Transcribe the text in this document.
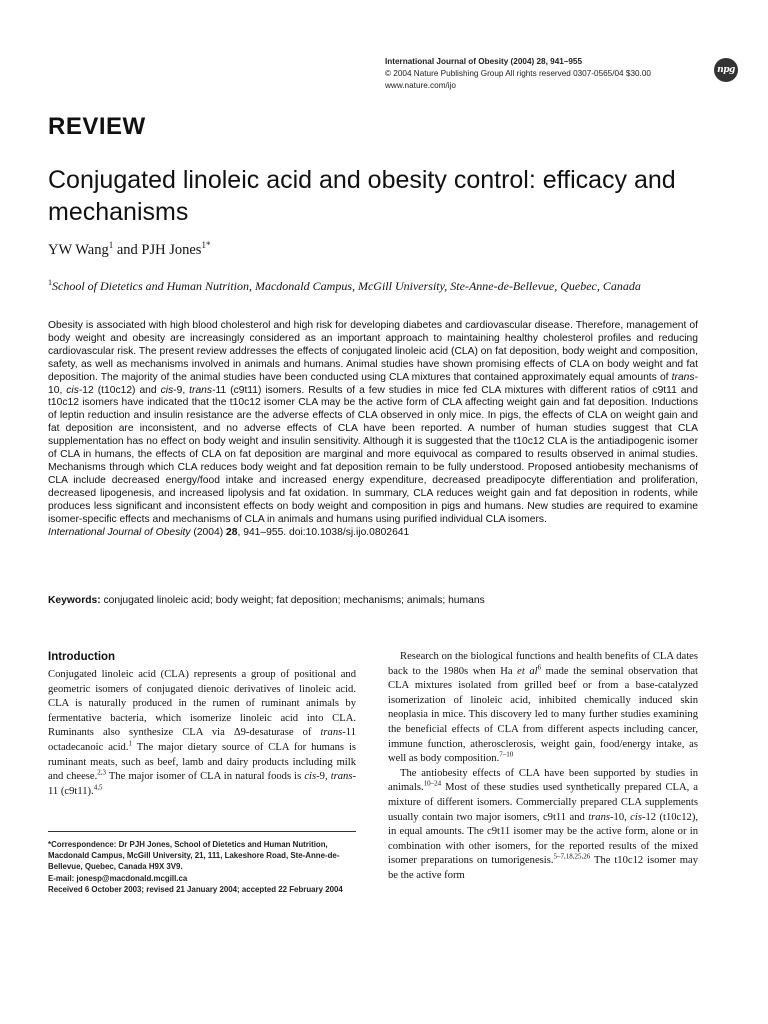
International Journal of Obesity (2004) 28, 941–955
© 2004 Nature Publishing Group All rights reserved 0307-0565/04 $30.00
www.nature.com/ijo
npg
REVIEW
Conjugated linoleic acid and obesity control: efficacy and mechanisms
YW Wang$^1$ and PJH Jones$^{1*}$
$^1$School of Dietetics and Human Nutrition, Macdonald Campus, McGill University, Ste-Anne-de-Bellevue, Quebec, Canada

Obesity is associated with high blood cholesterol and high risk for developing diabetes and cardiovascular disease. Therefore, management of body weight and obesity are increasingly considered as an important approach to maintaining healthy cholesterol profiles and reducing cardiovascular risk. The present review addresses the effects of conjugated linoleic acid (CLA) on fat deposition, body weight and composition, safety, as well as mechanisms involved in animals and humans. Animal studies have shown promising effects of CLA on body weight and fat deposition. The majority of the animal studies have been conducted using CLA mixtures that contained approximately equal amounts of trans-10, cis-12 (t10c12) and cis-9, trans-11 (c9t11) isomers. Results of a few studies in mice fed CLA mixtures with different ratios of c9t11 and t10c12 isomers have indicated that the t10c12 isomer CLA may be the active form of CLA affecting weight gain and fat deposition. Inductions of leptin reduction and insulin resistance are the adverse effects of CLA observed in only mice. In pigs, the effects of CLA on weight gain and fat deposition are inconsistent, and no adverse effects of CLA have been reported. A number of human studies suggest that CLA supplementation has no effect on body weight and insulin sensitivity. Although it is suggested that the t10c12 CLA is the antiadipogenic isomer of CLA in humans, the effects of CLA on fat deposition are marginal and more equivocal as compared to results observed in animal studies. Mechanisms through which CLA reduces body weight and fat deposition remain to be fully understood. Proposed antiobesity mechanisms of CLA include decreased energy/food intake and increased energy expenditure, decreased preadipocyte differentiation and proliferation, decreased lipogenesis, and increased lipolysis and fat oxidation. In summary, CLA reduces weight gain and fat deposition in rodents, while produces less significant and inconsistent effects on body weight and composition in pigs and humans. New studies are required to examine isomer-specific effects and mechanisms of CLA in animals and humans using purified individual CLA isomers.

International Journal of Obesity (2004) 28, 941–955. doi:10.1038/sj.ijo.0802641

Keywords: conjugated linoleic acid; body weight; fat deposition; mechanisms; animals; humans
Introduction

Conjugated linoleic acid (CLA) represents a group of positional and geometric isomers of conjugated dienoic derivatives of linoleic acid. CLA is naturally produced in the rumen of ruminant animals by fermentative bacteria, which isomerize linoleic acid into CLA. Ruminants also synthesize CLA via Δ9-desaturase of trans-11 octadecanoic acid.$^1$ The major dietary source of CLA for humans is ruminant meats, such as beef, lamb and dairy products including milk and cheese.$^{2,3}$ The major isomer of CLA in natural foods is cis-9, trans-11 (c9t11).$^{4,5}$

*Correspondence: Dr PJH Jones, School of Dietetics and Human Nutrition, Macdonald Campus, McGill University, 21, 111, Lakeshore Road, Ste-Anne-de-Bellevue, Quebec, Canada H9X 3V9.

E-mail: jonesp@macdonald.mcgill.ca

Received 6 October 2003; revised 21 January 2004; accepted 22 February 2004

Research on the biological functions and health benefits of CLA dates back to the 1980s when Ha et al$^6$ made the seminal observation that CLA mixtures isolated from grilled beef or from a base-catalyzed isomerization of linoleic acid, inhibited chemically induced skin neoplasia in mice. This discovery led to many further studies examining the beneficial effects of CLA from different aspects including cancer, immune function, atherosclerosis, weight gain, food/energy intake, as well as body composition.$^{7-10}$

The antiobesity effects of CLA have been supported by studies in animals.$^{10-24}$ Most of these studies used synthetically prepared CLA, a mixture of different isomers. Commercially prepared CLA supplements usually contain two major isomers, c9t11 and trans-10, cis-12 (t10c12), in equal amounts. The c9t11 isomer may be the active form, alone or in combination with other isomers, for the reported results of the mixed isomer preparations on tumorigenesis.$^{5-7,18,25,26}$ The t10c12 isomer may be the active form
